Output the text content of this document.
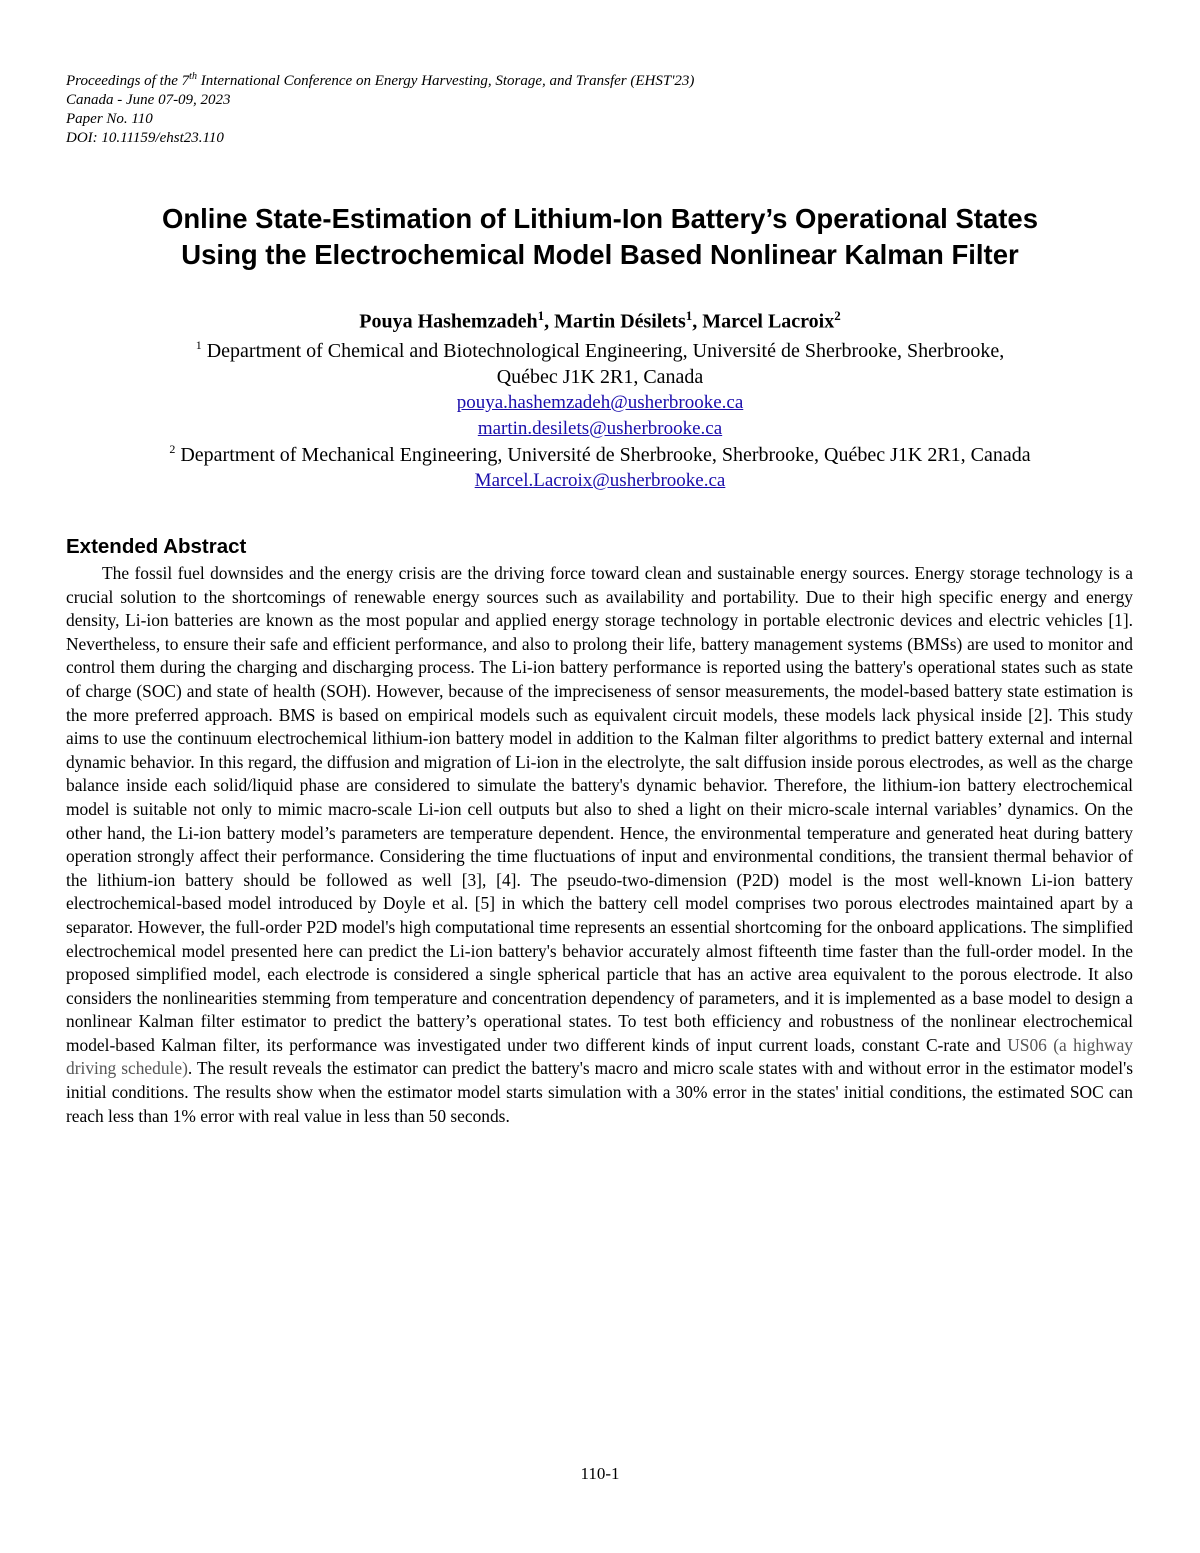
Proceedings of the 7th International Conference on Energy Harvesting, Storage, and Transfer (EHST'23)
Canada - June 07-09, 2023
Paper No. 110
DOI: 10.11159/ehst23.110
Online State-Estimation of Lithium-Ion Battery’s Operational States
Using the Electrochemical Model Based Nonlinear Kalman Filter
Pouya Hashemzadeh$^1$, Martin Désilets$^1$, Marcel Lacroix$^2$
$^1$ Department of Chemical and Biotechnological Engineering, Université de Sherbrooke, Sherbrooke,
Québec J1K 2R1, Canada
pouya.hashemzadeh@usherbrooke.ca
martin.desilets@usherbrooke.ca
$^2$ Department of Mechanical Engineering, Université de Sherbrooke, Sherbrooke, Québec J1K 2R1, Canada
Marcel.Lacroix@usherbrooke.ca
Extended Abstract

The fossil fuel downsides and the energy crisis are the driving force toward clean and sustainable energy sources. Energy storage technology is a crucial solution to the shortcomings of renewable energy sources such as availability and portability. Due to their high specific energy and energy density, Li-ion batteries are known as the most popular and applied energy storage technology in portable electronic devices and electric vehicles [1]. Nevertheless, to ensure their safe and efficient performance, and also to prolong their life, battery management systems (BMSs) are used to monitor and control them during the charging and discharging process. The Li-ion battery performance is reported using the battery's operational states such as state of charge (SOC) and state of health (SOH). However, because of the impreciseness of sensor measurements, the model-based battery state estimation is the more preferred approach. BMS is based on empirical models such as equivalent circuit models, these models lack physical inside [2]. This study aims to use the continuum electrochemical lithium-ion battery model in addition to the Kalman filter algorithms to predict battery external and internal dynamic behavior. In this regard, the diffusion and migration of Li-ion in the electrolyte, the salt diffusion inside porous electrodes, as well as the charge balance inside each solid/liquid phase are considered to simulate the battery's dynamic behavior. Therefore, the lithium-ion battery electrochemical model is suitable not only to mimic macro-scale Li-ion cell outputs but also to shed a light on their micro-scale internal variables’ dynamics. On the other hand, the Li-ion battery model’s parameters are temperature dependent. Hence, the environmental temperature and generated heat during battery operation strongly affect their performance. Considering the time fluctuations of input and environmental conditions, the transient thermal behavior of the lithium-ion battery should be followed as well [3], [4]. The pseudo-two-dimension (P2D) model is the most well-known Li-ion battery electrochemical-based model introduced by Doyle et al. [5] in which the battery cell model comprises two porous electrodes maintained apart by a separator. However, the full-order P2D model's high computational time represents an essential shortcoming for the onboard applications. The simplified electrochemical model presented here can predict the Li-ion battery's behavior accurately almost fifteenth time faster than the full-order model. In the proposed simplified model, each electrode is considered a single spherical particle that has an active area equivalent to the porous electrode. It also considers the nonlinearities stemming from temperature and concentration dependency of parameters, and it is implemented as a base model to design a nonlinear Kalman filter estimator to predict the battery’s operational states. To test both efficiency and robustness of the nonlinear electrochemical model-based Kalman filter, its performance was investigated under two different kinds of input current loads, constant C-rate and US06 (a highway driving schedule). The result reveals the estimator can predict the battery's macro and micro scale states with and without error in the estimator model's initial conditions. The results show when the estimator model starts simulation with a 30% error in the states' initial conditions, the estimated SOC can reach less than 1% error with real value in less than 50 seconds.

110-1
